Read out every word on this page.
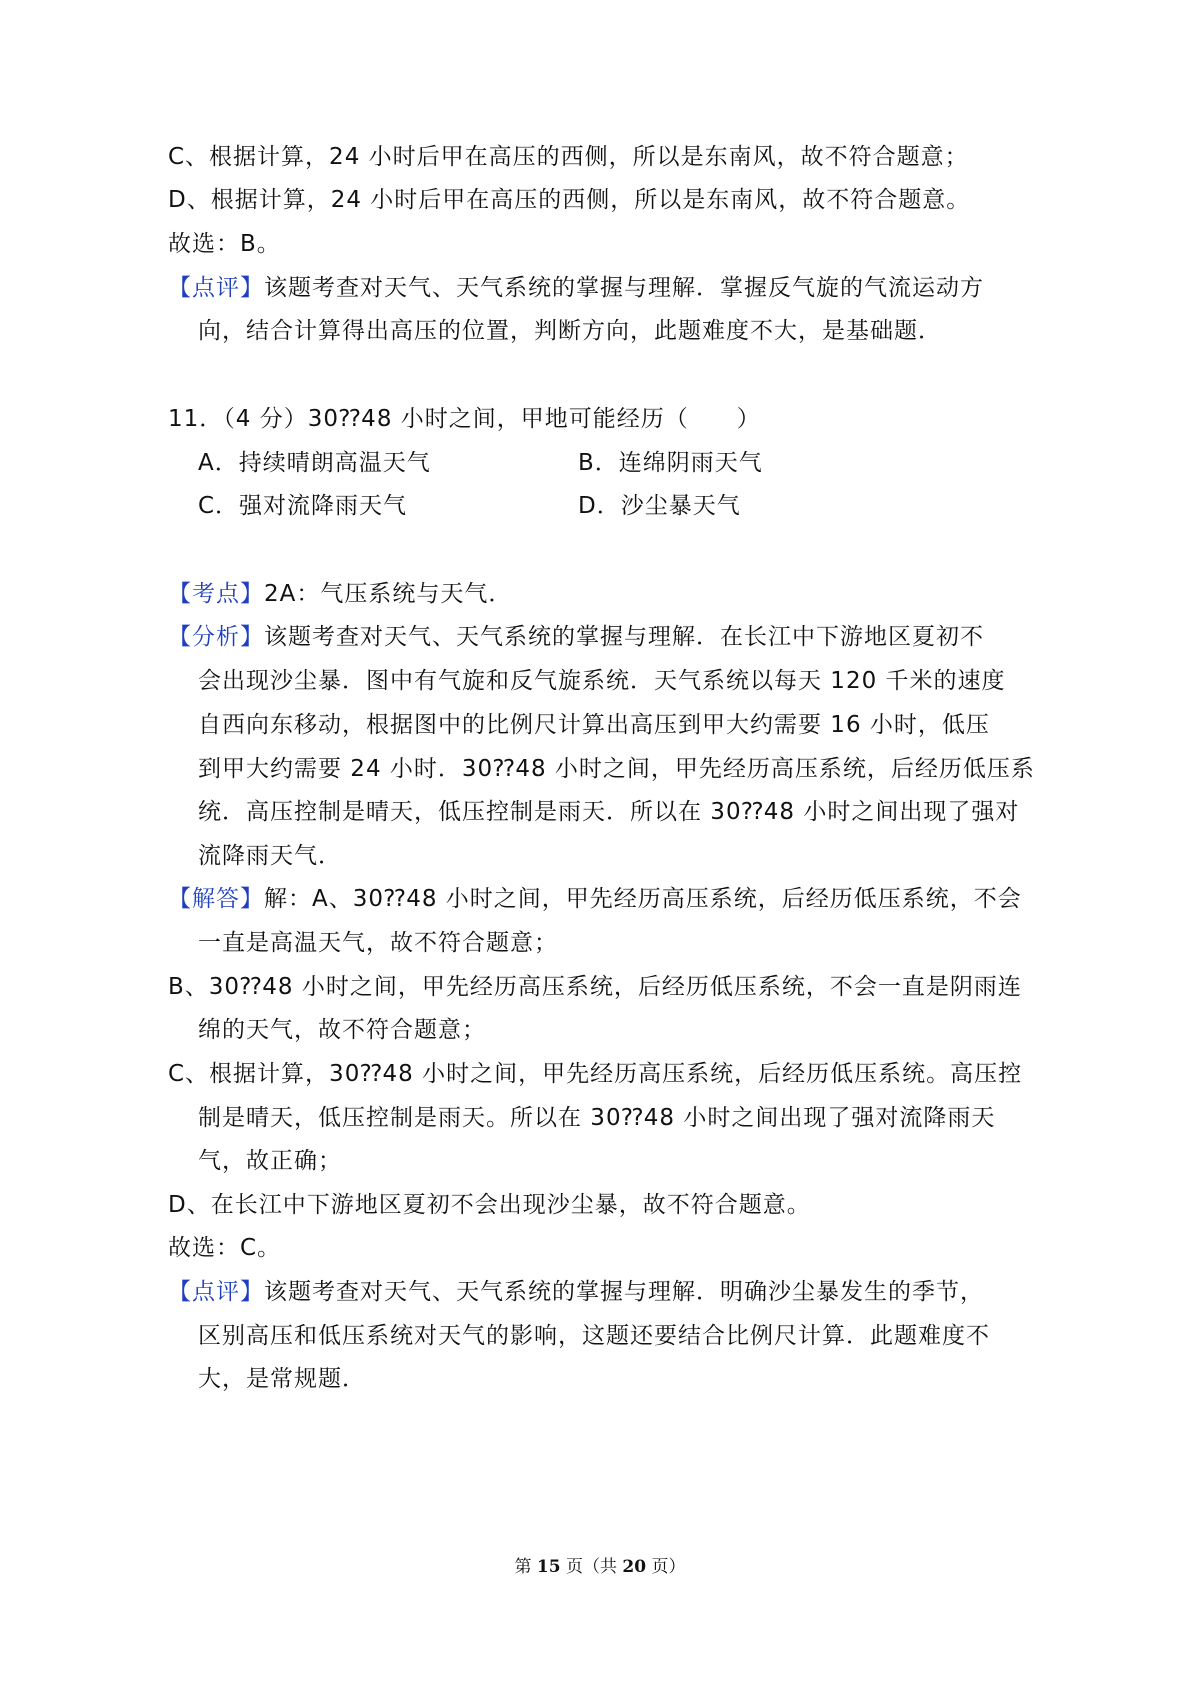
C、根据计算，24 小时后甲在高压的西侧，所以是东南风，故不符合题意；
D、根据计算，24 小时后甲在高压的西侧，所以是东南风，故不符合题意。
故选：B。
【点评】该题考查对天气、天气系统的掌握与理解．掌握反气旋的气流运动方
向，结合计算得出高压的位置，判断方向，此题难度不大，是基础题．
11．（4 分）30⁇48 小时之间，甲地可能经历（　　）
A．持续晴朗高温天气	B．连绵阴雨天气
C．强对流降雨天气	D．沙尘暴天气
【考点】2A：气压系统与天气．
【分析】该题考查对天气、天气系统的掌握与理解．在长江中下游地区夏初不
会出现沙尘暴．图中有气旋和反气旋系统．天气系统以每天 120 千米的速度
自西向东移动，根据图中的比例尺计算出高压到甲大约需要 16 小时，低压
到甲大约需要 24 小时．30⁇48 小时之间，甲先经历高压系统，后经历低压系
统．高压控制是晴天，低压控制是雨天．所以在 30⁇48 小时之间出现了强对
流降雨天气．
【解答】解：A、30⁇48 小时之间，甲先经历高压系统，后经历低压系统，不会
一直是高温天气，故不符合题意；
B、30⁇48 小时之间，甲先经历高压系统，后经历低压系统，不会一直是阴雨连
绵的天气，故不符合题意；
C、根据计算，30⁇48 小时之间，甲先经历高压系统，后经历低压系统。高压控
制是晴天，低压控制是雨天。所以在 30⁇48 小时之间出现了强对流降雨天
气，故正确；
D、在长江中下游地区夏初不会出现沙尘暴，故不符合题意。
故选：C。
【点评】该题考查对天气、天气系统的掌握与理解．明确沙尘暴发生的季节，
区别高压和低压系统对天气的影响，这题还要结合比例尺计算．此题难度不
大，是常规题．
第 15 页（共 20 页）
